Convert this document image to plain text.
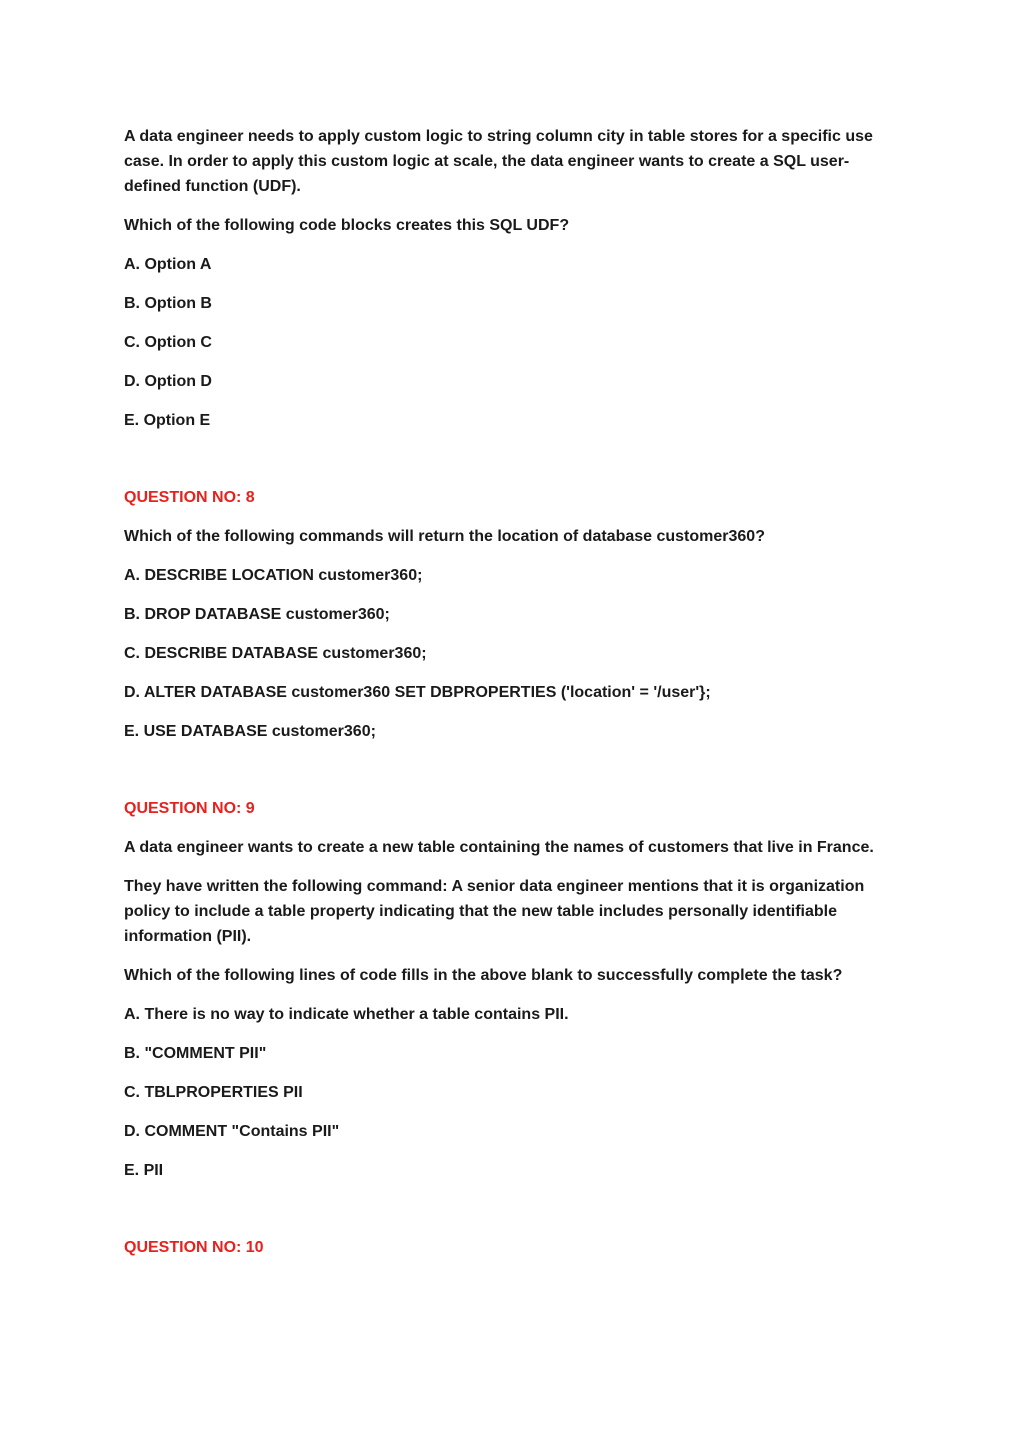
A data engineer needs to apply custom logic to string column city in table stores for a specific use case. In order to apply this custom logic at scale, the data engineer wants to create a SQL user-defined function (UDF).

Which of the following code blocks creates this SQL UDF?

A. Option A

B. Option B

C. Option C

D. Option D

E. Option E

QUESTION NO: 8

Which of the following commands will return the location of database customer360?

A. DESCRIBE LOCATION customer360;

B. DROP DATABASE customer360;

C. DESCRIBE DATABASE customer360;

D. ALTER DATABASE customer360 SET DBPROPERTIES ('location' = '/user'};

E. USE DATABASE customer360;

QUESTION NO: 9

A data engineer wants to create a new table containing the names of customers that live in France.

They have written the following command: A senior data engineer mentions that it is organization policy to include a table property indicating that the new table includes personally identifiable information (PII).

Which of the following lines of code fills in the above blank to successfully complete the task?

A. There is no way to indicate whether a table contains PII.

B. "COMMENT PII"

C. TBLPROPERTIES PII

D. COMMENT "Contains PII"

E. PII

QUESTION NO: 10
